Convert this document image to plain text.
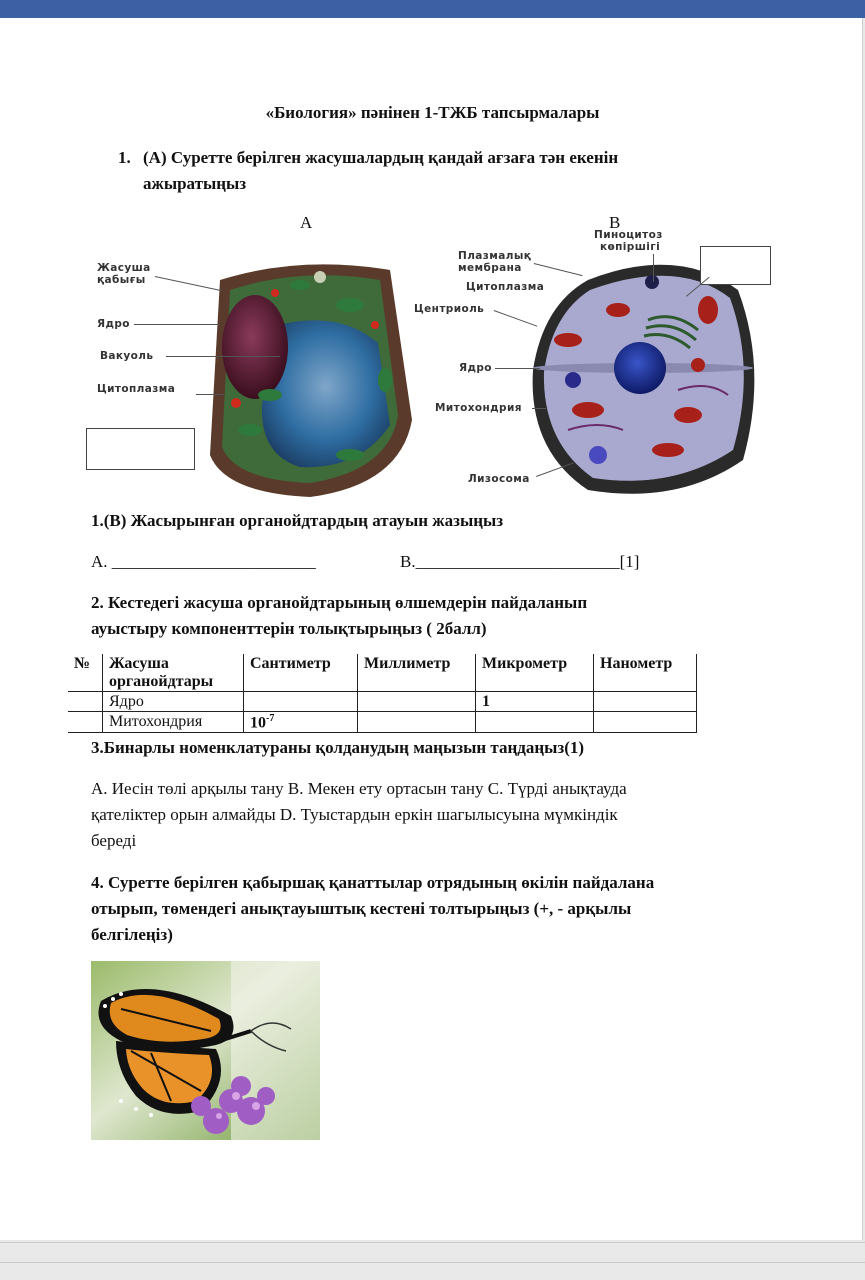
«Биология» пәнінен 1-ТЖБ тапсырмалары
1. (А) Суретте берілген жасушалардың қандай ағзаға тән екенін
ажыратыңыз
А	В
Жасуша
қабығы
Ядро
Вакуоль
Цитоплазма
Пиноцитоз
көпіршігі
Плазмалық
мембрана
Цитоплазма
Центриоль
Ядро
Митохондрия
Лизосома
1.(В) Жасырынған органойдтардың атауын жазыңыз
А. ________________________	В.________________________[1]
2. Кестедегі жасуша органойдтарының өлшемдерін пайдаланып
ауыстыру компоненттерін толықтырыңыз ( 2балл)
№	Жасуша
органойдтары	Сантиметр	Миллиметр	Микрометр	Нанометр
	Ядро			1	
	Митохондрия	$10^{-7}$			
3.Бинарлы номенклатураны қолданудың маңызын таңдаңыз(1)
А. Иесін төлі арқылы тану В. Мекен ету ортасын тану С. Түрді анықтауда
қателіктер орын алмайды D. Туыстардын еркін шагылысуына мүмкіндік
береді
4. Суретте берілген қабыршақ қанаттылар отрядының өкілін пайдалана
отырып, төмендегі анықтауыштық кестені толтырыңыз (+, - арқылы
белгілеңіз)
